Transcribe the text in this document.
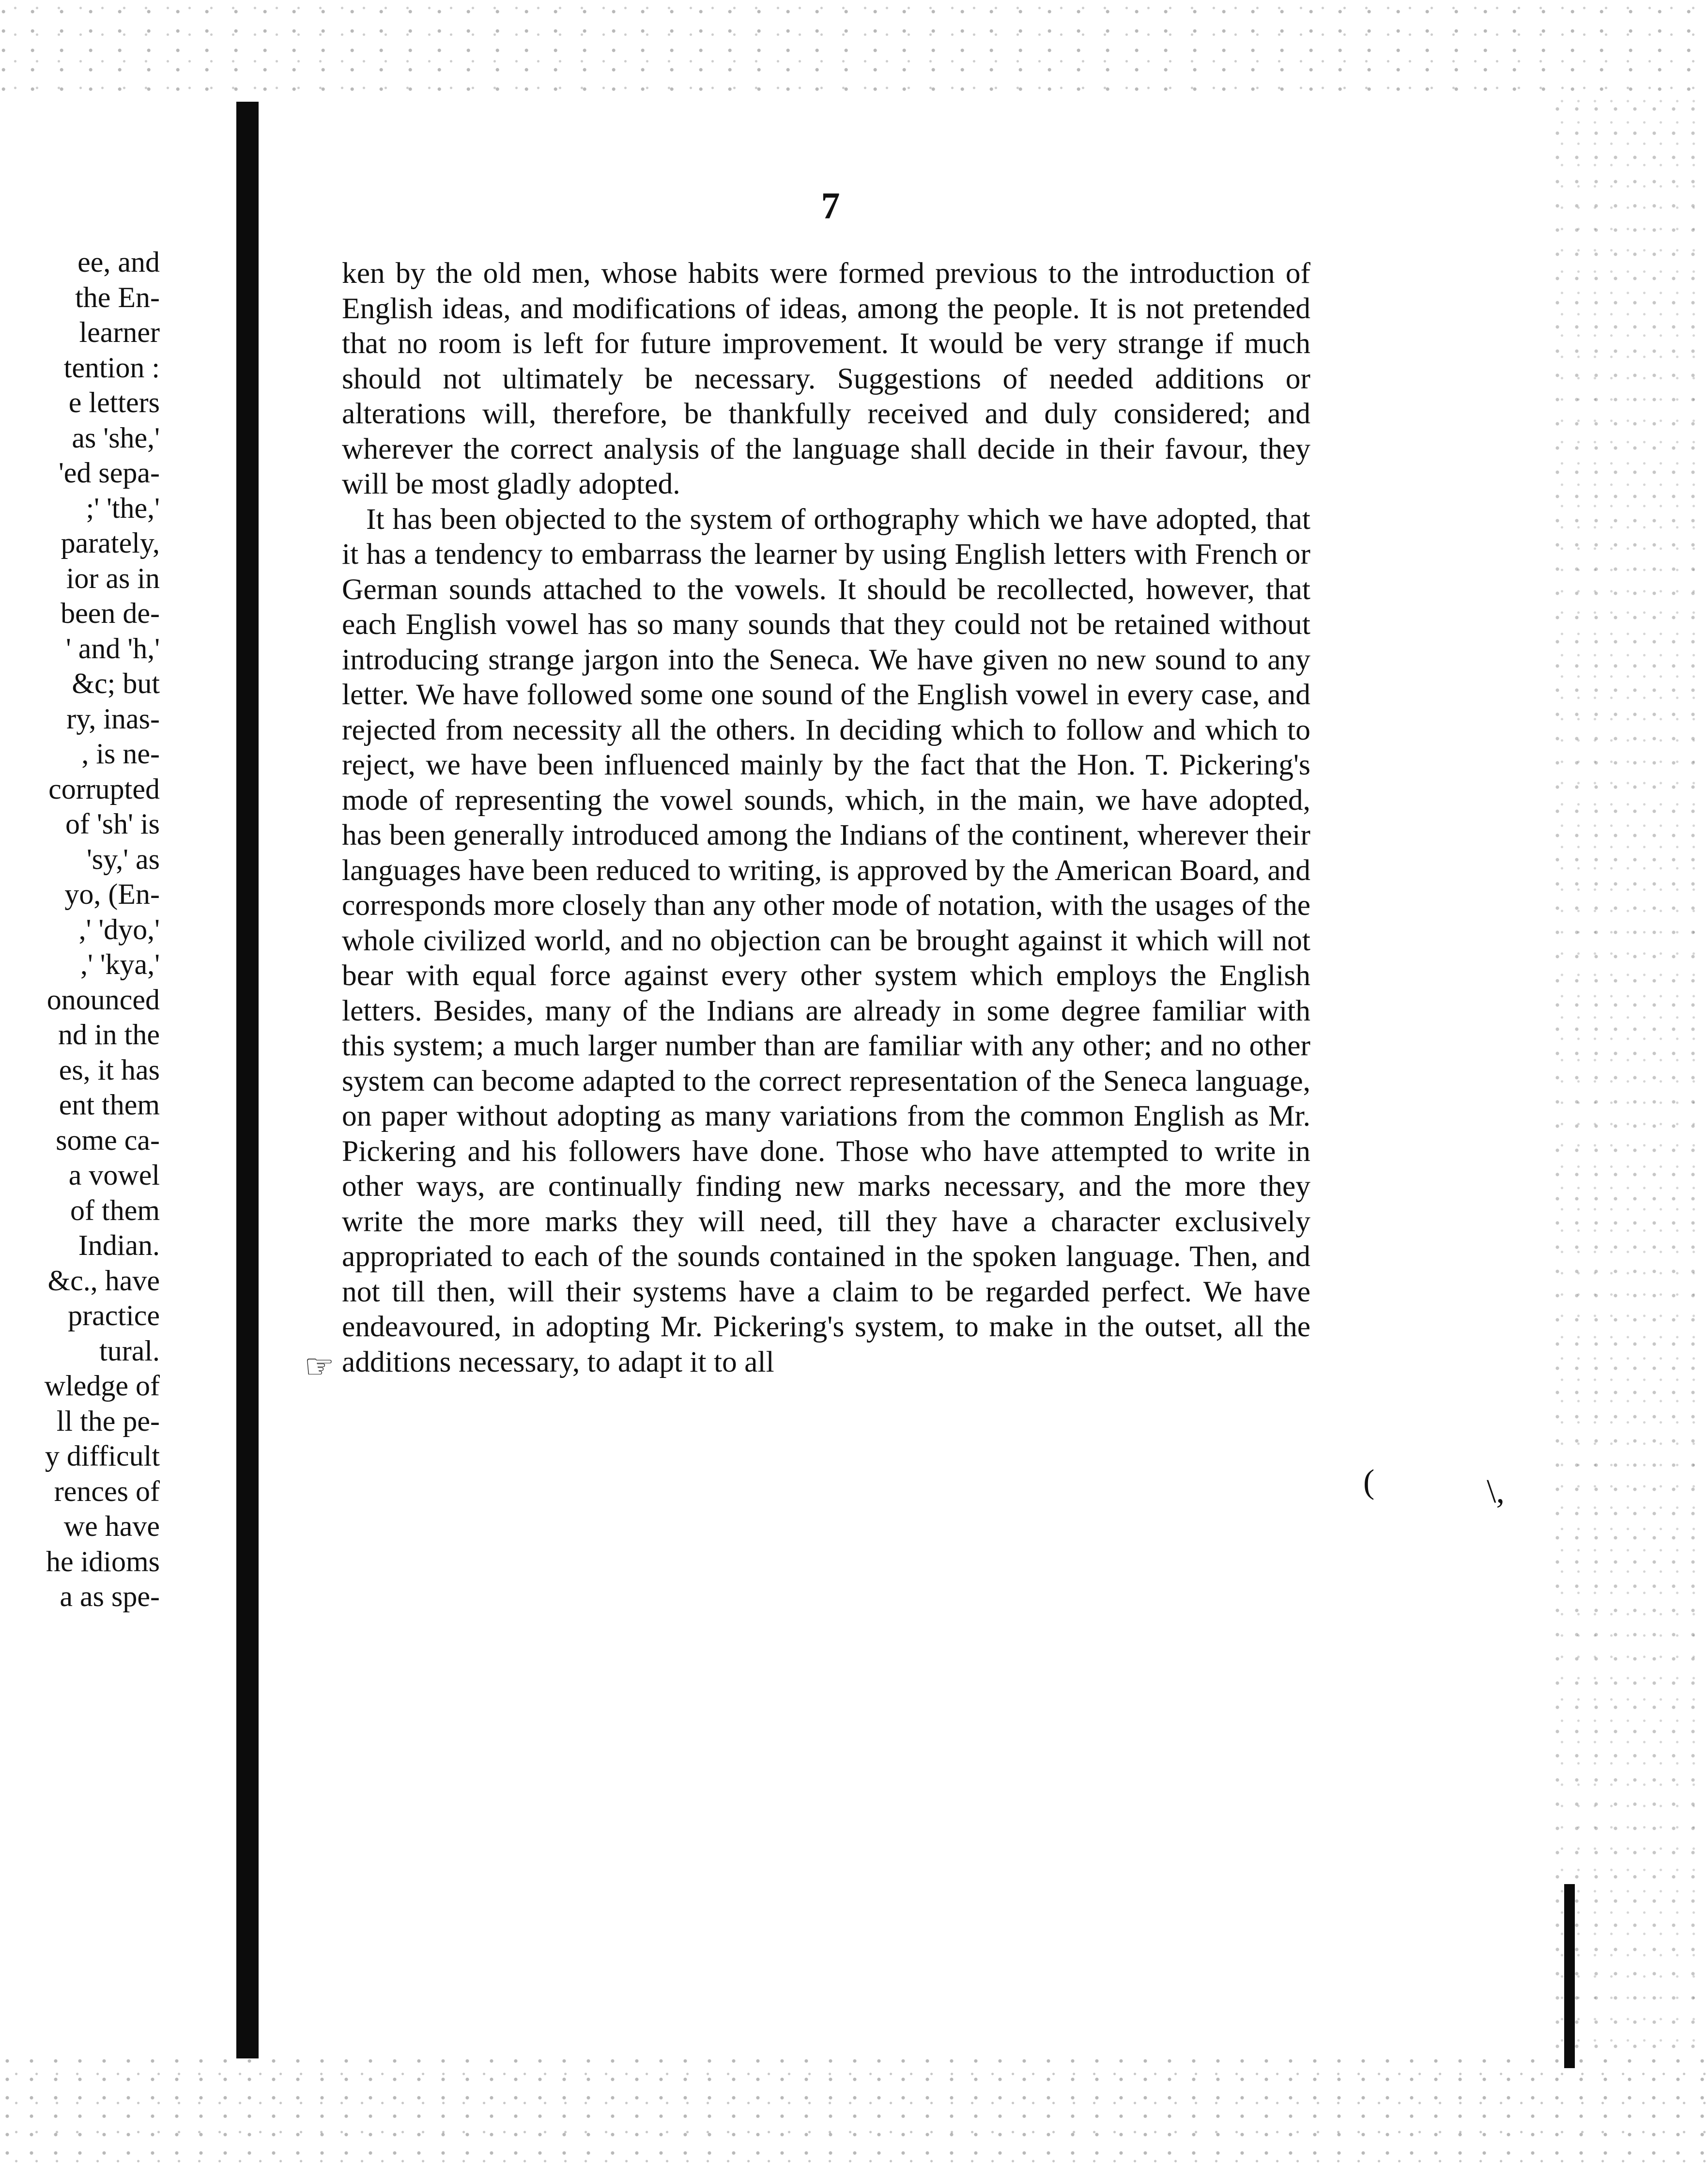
ee, and
the En-
learner
tention :
e letters
as 'she,'
'ed sepa-
;' 'the,'
parately,
ior as in
been de-
' and 'h,'
&c; but
ry, inas-
, is ne-
corrupted
of 'sh' is
'sy,' as
yo, (En-
,' 'dyo,'
,' 'kya,'
onounced
nd in the
es, it has
ent them
some ca-
a vowel
of them
Indian.
&c., have
practice
tural.
wledge of
ll the pe-
y difficult
rences of
we have
he idioms
a as spe-
7

ken by the old men, whose habits were formed previous to the introduction of English ideas, and modifications of ideas, among the people. It is not pretended that no room is left for future improvement. It would be very strange if much should not ultimately be necessary. Suggestions of needed additions or alterations will, therefore, be thankfully received and duly considered; and wherever the correct analysis of the language shall decide in their favour, they will be most gladly adopted.

It has been objected to the system of orthography which we have adopted, that it has a tendency to embarrass the learner by using English letters with French or German sounds attached to the vowels. It should be recollected, however, that each English vowel has so many sounds that they could not be retained without introducing strange jargon into the Seneca. We have given no new sound to any letter. We have followed some one sound of the English vowel in every case, and rejected from necessity all the others. In deciding which to follow and which to reject, we have been influenced mainly by the fact that the Hon. T. Pickering's mode of representing the vowel sounds, which, in the main, we have adopted, has been generally introduced among the Indians of the continent, wherever their languages have been reduced to writing, is approved by the American Board, and corresponds more closely than any other mode of notation, with the usages of the whole civilized world, and no objection can be brought against it which will not bear with equal force against every other system which employs the English letters. Besides, many of the Indians are already in some degree familiar with this system; a much larger number than are familiar with any other; and no other system can become adapted to the correct representation of the Seneca language, on paper without adopting as many variations from the common English as Mr. Pickering and his followers have done. Those who have attempted to write in other ways, are continually finding new marks necessary, and the more they write the more marks they will need, till they have a character exclusively appropriated to each of the sounds contained in the spoken language. Then, and not till then, will their systems have a claim to be regarded perfect. We have endeavoured, in adopting Mr. Pickering's system, to make in the outset, all the additions necessary, to adapt it to all

☞
(	\,
